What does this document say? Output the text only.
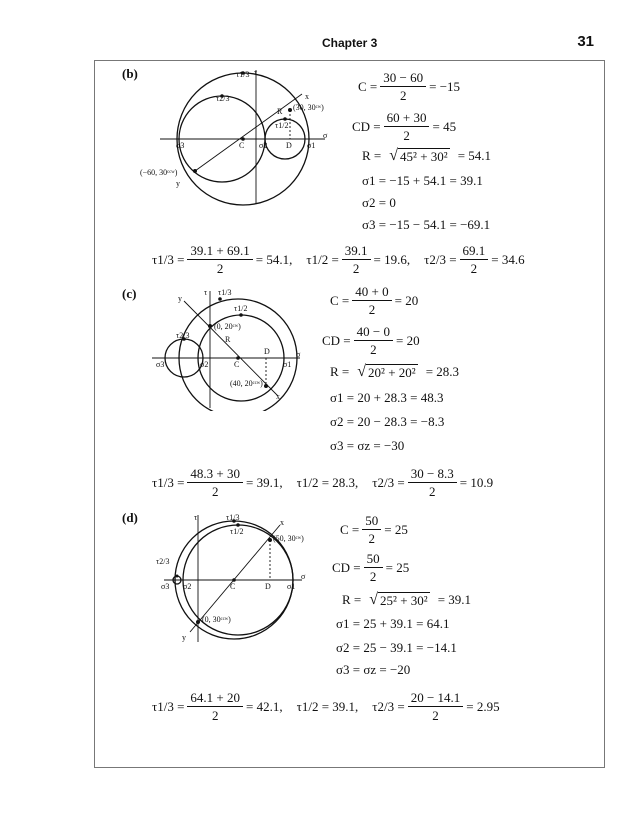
Chapter 3	31
(b)	τ1/3 τ
τ2/3	x
R (30, 30ᶜʷ)
τ1/2
σ
σ3	C σ2 D σ1
(−60, 30ᶜᶜʷ)
y
$C = \frac{30 - 60}{2} = -15$
CD = $\frac{60 + 30}{2} = 45$
R = √ 45² + 30² = 54.1
σ1 = −15 + 54.1 = 39.1
σ2 = 0
σ3 = −15 − 54.1 = −69.1
$\tau 1/3 = \frac{39.1 + 69.1}{2} = 54.1$, $\tau 1/2 = \frac{39.1}{2} = 19.6$, $\tau 2/3 = \frac{69.1}{2} = 34.6$
(c)	y
τ τ1/3
τ1/2
(0, 20ᶜʷ)
τ2/3	R
D	σ
σ3	σ2	C	σ1
(40, 20ᶜᶜʷ)
x
$C = \frac{40 + 0}{2} = 20$
CD = $\frac{40 - 0}{2} = 20$
R = √ 20² + 20² = 28.3
σ1 = 20 + 28.3 = 48.3
σ2 = 20 − 28.3 = −8.3
σ3 = σz = −30
$\tau 1/3 = \frac{48.3 + 30}{2} = 39.1$, τ1/2 = 28.3, $\tau 2/3 = \frac{30 - 8.3}{2} = 10.9$
(d)	τ	τ1/3
x
τ1/2
(50, 30ᶜʷ)
τ2/3
σ
σ3 σ2	C	D σ1
(0, 30ᶜᶜʷ)
y
$C = \frac{50}{2} = 25$
CD = $\frac{50}{2} = 25$
R = √ 25² + 30² = 39.1
σ1 = 25 + 39.1 = 64.1
σ2 = 25 − 39.1 = −14.1
σ3 = σz = −20
$\tau 1/3 = \frac{64.1 + 20}{2} = 42.1$, τ1/2 = 39.1, $\tau 2/3 = \frac{20 - 14.1}{2} = 2.95$
